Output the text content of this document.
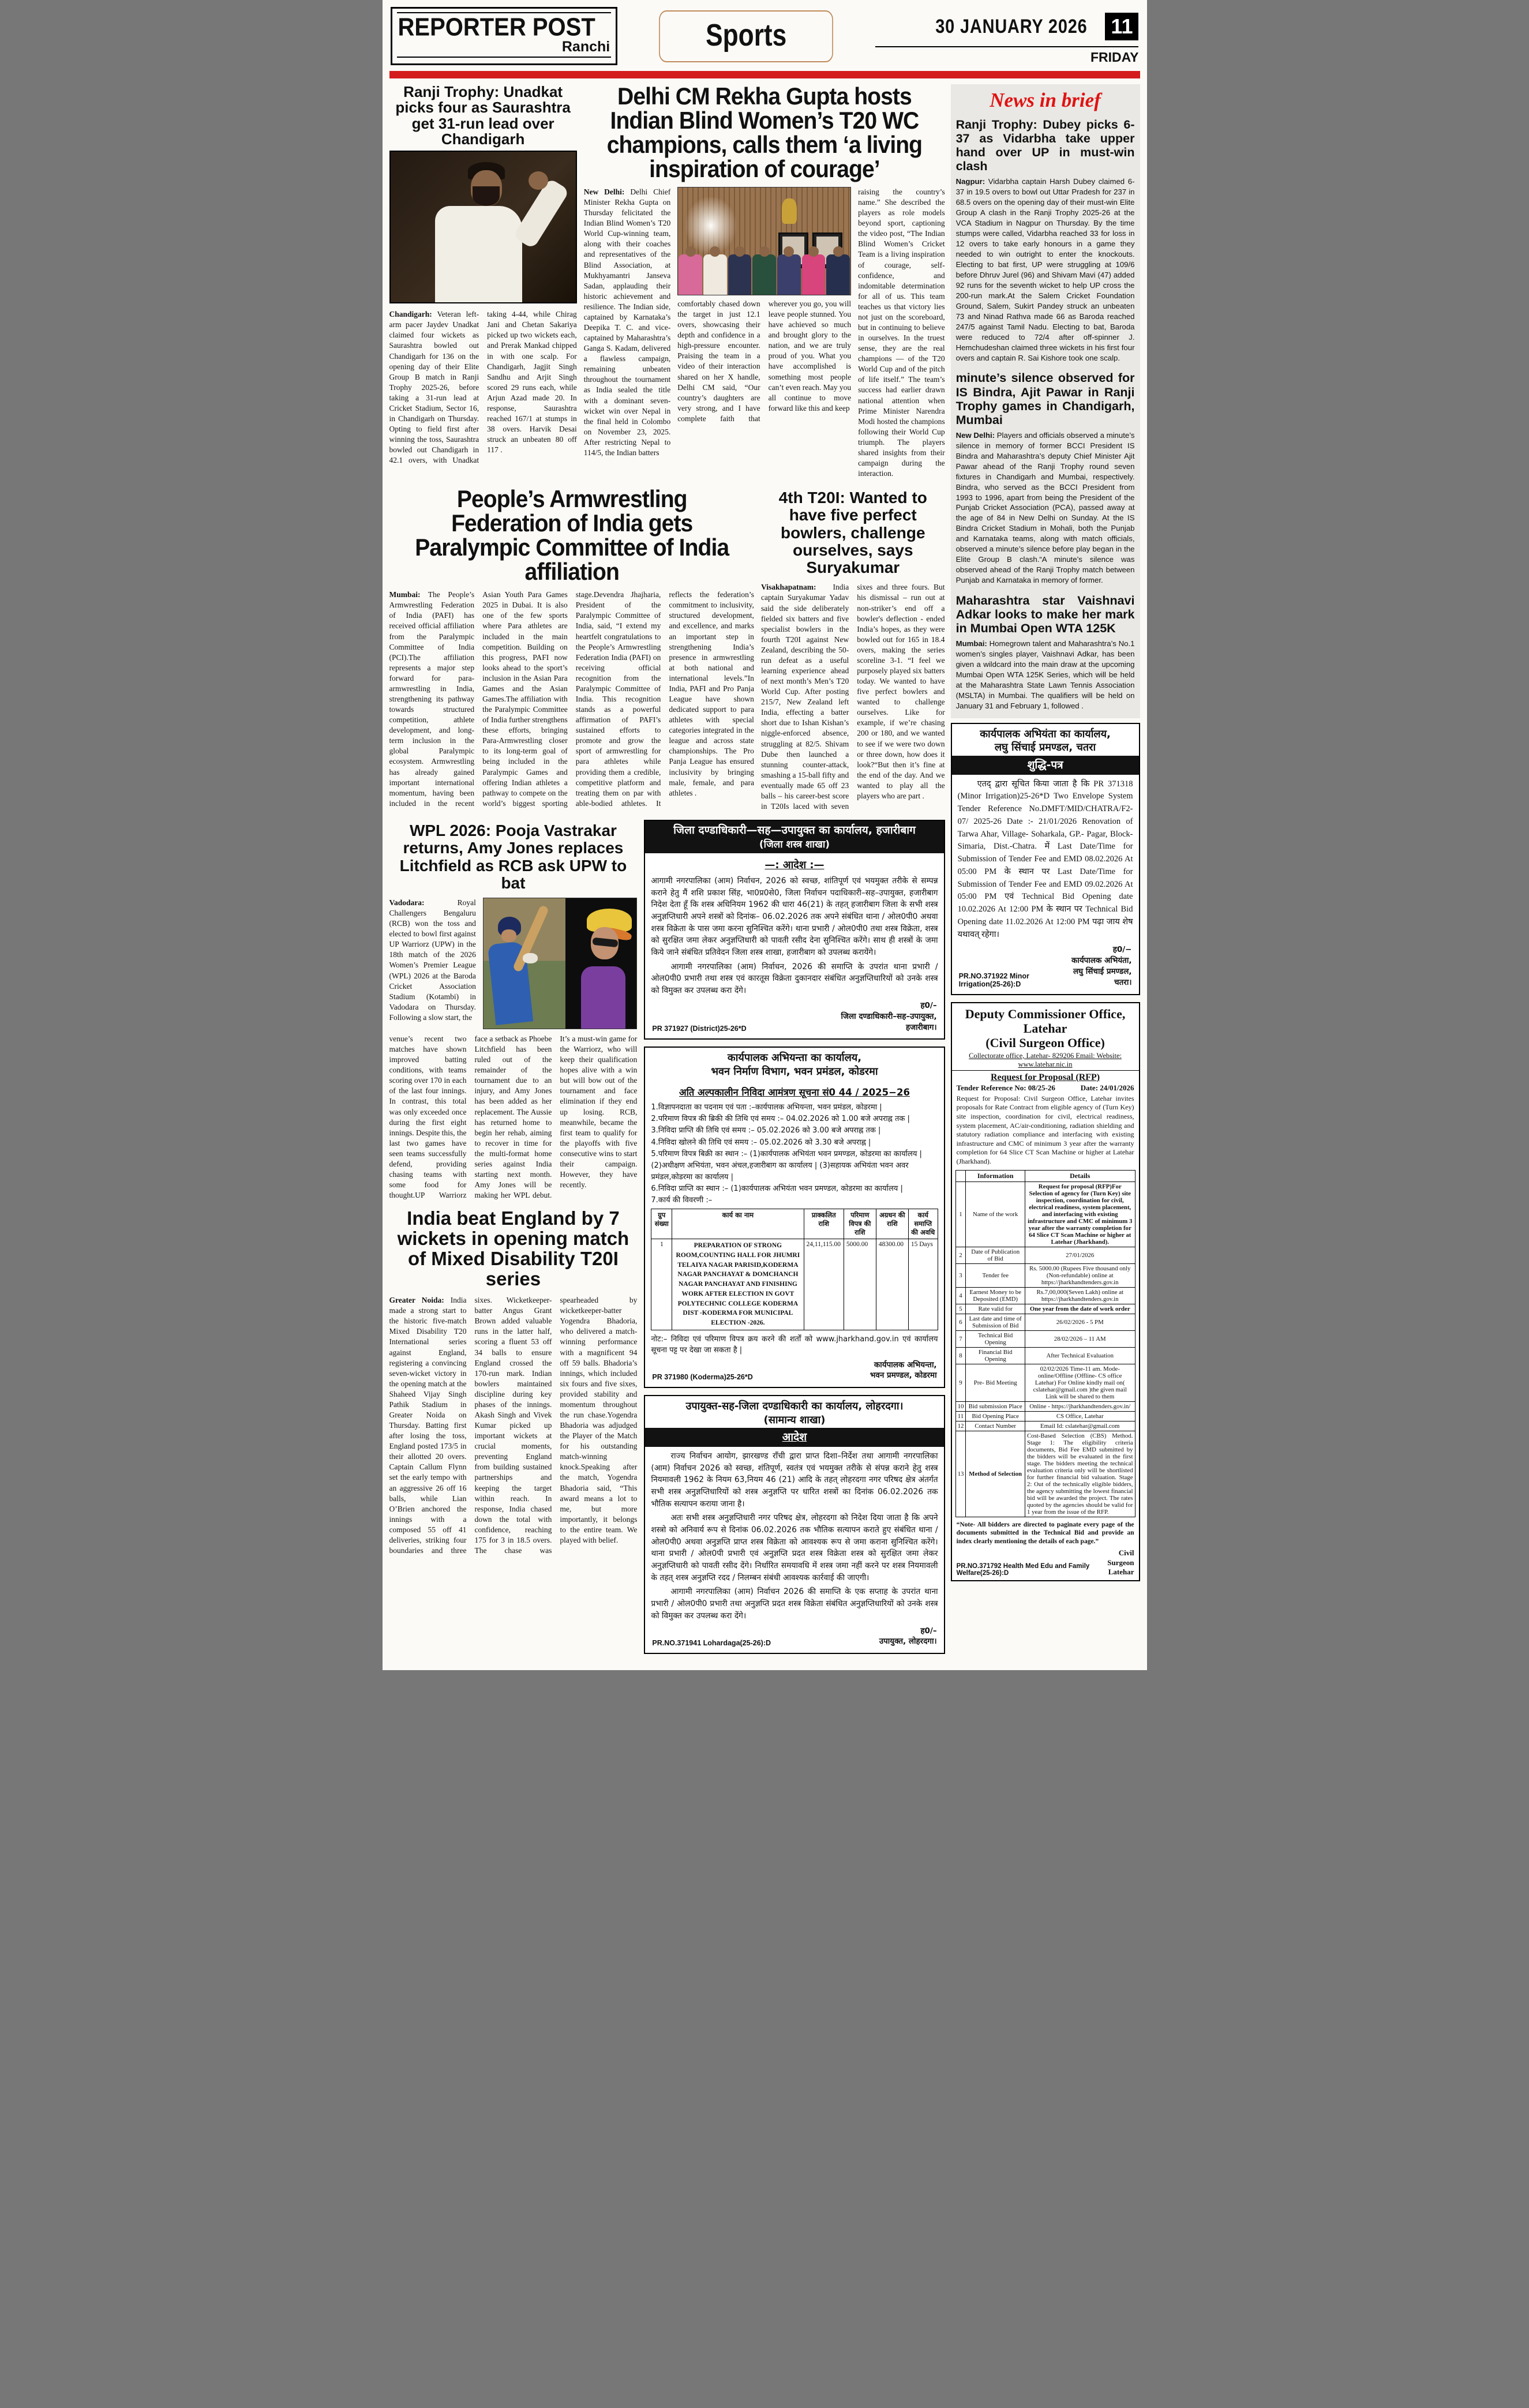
REPORTER POST
Ranchi	Sports	30 JANUARY 2026 11
FRIDAY
Ranji Trophy: Unadkat picks four as Saurashtra get 31-run lead over Chandigarh
Chandigarh: Veteran left-arm pacer Jaydev Unadkat claimed four wickets as Saurashtra bowled out Chandigarh for 136 on the opening day of their Elite Group B match in Ranji Trophy 2025-26, before taking a 31-run lead at Cricket Stadium, Sector 16, in Chandigarh on Thursday. Opting to field first after winning the toss, Saurashtra bowled out Chandigarh in 42.1 overs, with Unadkat taking 4-44, while Chirag Jani and Chetan Sakariya picked up two wickets each, and Prerak Mankad chipped in with one scalp. For Chandigarh, Jagjit Singh Sandhu and Arjit Singh scored 29 runs each, while Arjun Azad made 20. In response, Saurashtra reached 167/1 at stumps in 38 overs. Harvik Desai struck an unbeaten 80 off 117 .
Delhi CM Rekha Gupta hosts Indian Blind Women’s T20 WC champions, calls them ‘a living inspiration of courage’
New Delhi: Delhi Chief Minister Rekha Gupta on Thursday felicitated the Indian Blind Women’s T20 World Cup-winning team, along with their coaches and representatives of the Blind Association, at Mukhyamantri Janseva Sadan, applauding their historic achievement and resilience. The Indian side, captained by Karnataka’s Deepika T. C. and vice-captained by Maharashtra’s Ganga S. Kadam, delivered a flawless campaign, remaining unbeaten throughout the tournament as India sealed the title with a dominant seven-wicket win over Nepal in the final held in Colombo on November 23, 2025. After restricting Nepal to 114/5, the Indian batters
comfortably chased down the target in just 12.1 overs, showcasing their depth and confidence in a high-pressure encounter. Praising the team in a video of their interaction shared on her X handle, Delhi CM said, “Our country’s daughters are very strong, and I have complete faith that wherever you go, you will leave people stunned. You have achieved so much and brought glory to the nation, and we are truly proud of you. What you have accomplished is something most people can’t even reach. May you all continue to move forward like this and keep
raising the country’s name.” She described the players as role models beyond sport, captioning the video post, “The Indian Blind Women’s Cricket Team is a living inspiration of courage, self-confidence, and indomitable determination for all of us. This team teaches us that victory lies not just on the scoreboard, but in continuing to believe in ourselves. In the truest sense, they are the real champions — of the T20 World Cup and of the pitch of life itself.” The team’s success had earlier drawn national attention when Prime Minister Narendra Modi hosted the champions following their World Cup triumph. The players shared insights from their campaign during the interaction.
People’s Armwrestling Federation of India gets Paralympic Committee of India affiliation
Mumbai: The People’s Armwrestling Federation of India (PAFI) has received official affiliation from the Paralympic Committee of India (PCI).The affiliation represents a major step forward for para-armwrestling in India, strengthening its pathway towards structured competition, athlete development, and long-term inclusion in the global Paralympic ecosystem. Armwrestling has already gained important international momentum, having been included in the recent Asian Youth Para Games 2025 in Dubai. It is also one of the few sports where Para athletes are included in the main competition. Building on this progress, PAFI now looks ahead to the sport’s inclusion in the Asian Para Games and the Asian Games.The affiliation with the Paralympic Committee of India further strengthens these efforts, bringing Para-Armwrestling closer to its long-term goal of being included in the Paralympic Games and offering Indian athletes a pathway to compete on the world’s biggest sporting stage.Devendra Jhajharia, President of the Paralympic Committee of India, said, “I extend my heartfelt congratulations to the People’s Armwrestling Federation India (PAFI) on receiving official recognition from the Paralympic Committee of India. This recognition stands as a powerful affirmation of PAFI’s sustained efforts to promote and grow the sport of armwrestling for para athletes while providing them a credible, competitive platform and treating them on par with able-bodied athletes. It reflects the federation’s commitment to inclusivity, structured development, and excellence, and marks an important step in strengthening India’s presence in armwrestling at both national and international levels.”In India, PAFI and Pro Panja League have shown dedicated support to para athletes with special categories integrated in the league and across state championships. The Pro Panja League has ensured inclusivity by bringing male, female, and para athletes .
4th T20I: Wanted to have five perfect bowlers, challenge ourselves, says Suryakumar
Visakhapatnam: India captain Suryakumar Yadav said the side deliberately fielded six batters and five specialist bowlers in the fourth T20I against New Zealand, describing the 50-run defeat as a useful learning experience ahead of next month’s Men’s T20 World Cup. After posting 215/7, New Zealand left India, effecting a batter short due to Ishan Kishan’s niggle-enforced absence, struggling at 82/5. Shivam Dube then launched a stunning counter-attack, smashing a 15-ball fifty and eventually made 65 off 23 balls – his career-best score in T20Is laced with seven sixes and three fours. But his dismissal – run out at non-striker’s end off a bowler's deflection - ended India’s hopes, as they were bowled out for 165 in 18.4 overs, making the series scoreline 3-1. “I feel we purposely played six batters today. We wanted to have five perfect bowlers and wanted to challenge ourselves. Like for example, if we’re chasing 200 or 180, and we wanted to see if we were two down or three down, how does it look?“But then it’s fine at the end of the day. And we wanted to play all the players who are part .
WPL 2026: Pooja Vastrakar returns, Amy Jones replaces Litchfield as RCB ask UPW to bat
Vadodara:	Royal Challengers Bengaluru (RCB) won the toss and elected to bowl first against UP Warriorz (UPW) in the 18th match of the 2026 Women’s Premier League (WPL) 2026 at the Baroda Cricket Association Stadium (Kotambi) in Vadodara on Thursday. Following a slow start, the
venue’s recent two matches have shown improved batting conditions, with teams scoring over 170 in each of the last four innings. In contrast, this total was only exceeded once during the first eight innings. Despite this, the last two games have seen teams successfully defend, providing chasing teams with some food for thought.UP Warriorz face a setback as Phoebe Litchfield has been ruled out of the remainder of the tournament due to an injury, and Amy Jones has been added as her replacement. The Aussie has returned home to begin her rehab, aiming to recover in time for the multi-format home series against India starting next month. Amy Jones will be making her WPL debut. It’s a must-win game for the Warriorz, who will keep their qualification hopes alive with a win but will bow out of the tournament and face elimination if they end up losing. RCB, meanwhile, became the first team to qualify for the playoffs with five consecutive wins to start their campaign. However, they have recently.
India beat England by 7 wickets in opening match of Mixed Disability T20I series
Greater Noida: India made a strong start to the historic five-match Mixed Disability T20 International series against England, registering a convincing seven-wicket victory in the opening match at the Shaheed Vijay Singh Pathik Stadium in Greater Noida on Thursday. Batting first after losing the toss, England posted 173/5 in their allotted 20 overs. Captain Callum Flynn set the early tempo with an aggressive 26 off 16 balls, while Lian O’Brien anchored the innings with a composed 55 off 41 deliveries, striking four boundaries and three sixes. Wicketkeeper-batter Angus Grant Brown added valuable runs in the latter half, scoring a fluent 53 off 34 balls to ensure England crossed the 170-run mark. Indian bowlers maintained discipline during key phases of the innings. Akash Singh and Vivek Kumar picked up important wickets at crucial moments, preventing England from building sustained partnerships and keeping the target within reach. In response, India chased down the total with confidence, reaching 175 for 3 in 18.5 overs. The chase was spearheaded by wicketkeeper-batter Yogendra Bhadoria, who delivered a match-winning performance with a magnificent 94 off 59 balls. Bhadoria’s innings, which included six fours and five sixes, provided stability and momentum throughout the run chase.Yogendra Bhadoria was adjudged the Player of the Match for his outstanding match-winning knock.Speaking after the match, Yogendra Bhadoria said, “This award means a lot to me, but more importantly, it belongs to the entire team. We played with belief.
जिला दण्डाधिकारी—सह—उपायुक्त का कार्यालय, हजारीबाग
(जिला शस्त्र शाखा)
—: आदेश :—

आगामी नगरपालिका (आम) निर्वाचन, 2026 को स्वच्छ, शांतिपूर्ण एवं भयमुक्त तरीके से सम्पन्न कराने हेतु मैं शशि प्रकाश सिंह, भा0प्र0से0, जिला निर्वाचन पदाधिकारी–सह–उपायुक्त, हजारीबाग निदेश देता हूँ कि शस्त्र अधिनियम 1962 की धारा 46(21) के तहत् हजारीबाग जिला के सभी शस्त्र अनुज्ञप्तिधारी अपने शस्त्रों को दिनांक– 06.02.2026 तक अपने संबंधित थाना / ओल0पी0 अथवा शस्त्र विक्रेता के पास जमा करना सुनिश्चित करेंगे। थाना प्रभारी / ओल0पी0 तथा शस्त्र विक्रेता, शस्त्र को सुरक्षित जमा लेकर अनुज्ञप्तिधारी को पावती रसीद देना सुनिश्चित करेंगे। साथ ही शस्त्रों के जमा किये जाने संबंधित प्रतिवेदन जिला शस्त्र शाखा, हजारीबाग को उपलब्ध करायेंगे।

आगामी नगरपालिका (आम) निर्वाचन, 2026 की समाप्ति के उपरांत थाना प्रभारी / ओल0पी0 प्रभारी तथा शस्त्र एवं कारतूस विक्रेता दुकानदार संबंधित अनुज्ञप्तिधारियों को उनके शस्त्र को विमुक्त कर उपलब्ध करा देंगे।

PR 371927 (District)25-26*D
ह0/–
जिला दण्डाधिकारी–सह–उपायुक्त,
हजारीबाग।
कार्यपालक अभियन्ता का कार्यालय,
भवन निर्माण विभाग, भवन प्रमंडल, कोडरमा
अति अल्पकालीन निविदा आमंत्रण सूचना सं0 44 / 2025−26
1.विज्ञापनदाता का पदनाम एवं पता :–कार्यपालक अभियन्ता, भवन प्रमंडल, कोडरमा |
2.परिमाण विपत्र की ब्रिकी की तिथि एवं समय :– 04.02.2026 को 1.00 बजे अपराह्न तक |
3.निविदा प्राप्ति की तिथि एवं समय :– 05.02.2026 को 3.00 बजे अपराह्न तक |
4.निविदा खोलने की तिथि एवं समय :– 05.02.2026 को 3.30 बजे अपराह्न |
5.परिमाण विपत्र बिक्री का स्थान :– (1)कार्यपालक अभियंता भवन प्रमण्डल, कोडरमा का कार्यालय | (2)अधीक्षण अभियंता, भवन अंचल,हजारीबाग का कार्यालय | (3)सहायक अभियंता भवन अवर प्रमंडल,कोडरमा का कार्यालय |
6.निविदा प्राप्ति का स्थान :– (1)कार्यपालक अभियंता भवन प्रमण्डल, कोडरमा का कार्यालय |
7.कार्य की विवरणी :–
ग्रुप संख्या	कार्य का नाम	प्राक्कलित राशि	परिमाण विपत्र की राशि	अग्रधन की राशि	कार्य समाप्ति की अवधि
1	PREPARATION OF STRONG ROOM,COUNTING HALL FOR JHUMRI TELAIYA NAGAR PARISID,KODERMA NAGAR PANCHAYAT & DOMCHANCH NAGAR PANCHAYAT AND FINISHING WORK AFTER ELECTION IN GOVT POLYTECHNIC COLLEGE KODERMA DIST -KODERMA FOR MUNICIPAL ELECTION -2026.	24,11,115.00	5000.00	48300.00	15 Days

नोट:– निविदा एवं परिमाण विपत्र क्रय करने की शर्तों को www.jharkhand.gov.in एवं कार्यालय सूचना पट्ट पर देखा जा सकता है |

PR 371980 (Koderma)25-26*D
कार्यपालक अभियन्ता,
भवन प्रमण्डल, कोडरमा
उपायुक्त-सह-जिला दण्डाधिकारी का कार्यालय, लोहरदगा।
(सामान्य शाखा)
आदेश

राज्य निर्वाचन आयोग, झारखण्ड राँची द्वारा प्राप्त दिशा–निर्देश तथा आगामी नगरपालिका (आम) निर्वाचन 2026 को स्वच्छ, शंतिपूर्ण, स्वतंत्र एवं भयमुक्त तरीके से संपन्न कराने हेतु शस्त्र नियमावली 1962 के नियम 63,नियम 46 (21) आदि के तहत् लोहरदगा नगर परिषद क्षेत्र अंतर्गत सभी शस्त्र अनुज्ञप्तिधारियों को शस्त्र अनुज्ञप्ति पर धारित शस्त्रों का दिनांक 06.02.2026 तक भौतिक सत्यापन कराया जाना है।

अतः सभी शस्त्र अनुज्ञप्तिधारी नगर परिषद क्षेत्र, लोहरदगा को निदेश दिया जाता है कि अपने शस्त्रो को अनिवार्य रूप से दिनांक 06.02.2026 तक भौतिक सत्यापन कराते हुए संबंधित थाना / ओल0पी0 अथवा अनुज्ञप्ति प्राप्त शस्त्र विक्रेता को आवश्यक रूप से जमा कराना सुनिश्चित करेंगे। थाना प्रभारी / ओल0पी प्रभारी एवं अनुज्ञप्ति प्रदत शस्त्र विक्रेता शस्त्र को सुरक्षित जमा लेकर अनुज्ञप्तिधारी को पावती रसीद देंगे। निर्धारित समयावधि में शस्त्र जमा नहीं करने पर शस्त्र नियमावली के तहत् शस्त्र अनुज्ञप्ति रदद / निलम्बन संबंधी आवश्यक कार्रवाई की जाएगी।

आगामी नगरपालिका (आम) निर्वाचन 2026 की समाप्ति के एक सप्ताह के उपरांत थाना प्रभारी / ओल0पी0 प्रभारी तथा अनुज्ञप्ति प्रदत शस्त्र विक्रेता संबंधित अनुज्ञप्तिधारियों को उनके शस्त्र को विमुक्त कर उपलब्ध करा देंगे।

PR.NO.371941 Lohardaga(25-26):D
ह0/–
उपायुक्त, लोहरदगा।
News in brief
Ranji Trophy: Dubey picks 6-37 as Vidarbha take upper hand over UP in must-win clash
Nagpur: Vidarbha captain Harsh Dubey claimed 6-37 in 19.5 overs to bowl out Uttar Pradesh for 237 in 68.5 overs on the opening day of their must-win Elite Group A clash in the Ranji Trophy 2025-26 at the VCA Stadium in Nagpur on Thursday. By the time stumps were called, Vidarbha reached 33 for loss in 12 overs to take early honours in a game they needed to win outright to enter the knockouts. Electing to bat first, UP were struggling at 109/6 before Dhruv Jurel (96) and Shivam Mavi (47) added 92 runs for the seventh wicket to help UP cross the 200-run mark.At the Salem Cricket Foundation Ground, Salem, Sukirt Pandey struck an unbeaten 73 and Ninad Rathva made 66 as Baroda reached 247/5 against Tamil Nadu. Electing to bat, Baroda were reduced to 72/4 after off-spinner J. Hemchudeshan claimed three wickets in his first four overs and captain R. Sai Kishore took one scalp.
minute’s silence observed for IS Bindra, Ajit Pawar in Ranji Trophy games in Chandigarh, Mumbai
New Delhi: Players and officials observed a minute’s silence in memory of former BCCI President IS Bindra and Maharashtra’s deputy Chief Minister Ajit Pawar ahead of the Ranji Trophy round seven fixtures in Chandigarh and Mumbai, respectively. Bindra, who served as the BCCI President from 1993 to 1996, apart from being the President of the Punjab Cricket Association (PCA), passed away at the age of 84 in New Delhi on Sunday. At the IS Bindra Cricket Stadium in Mohali, both the Punjab and Karnataka teams, along with match officials, observed a minute’s silence before play began in the Elite Group B clash.“A minute’s silence was observed ahead of the Ranji Trophy match between Punjab and Karnataka in memory of former.
Maharashtra star Vaishnavi Adkar looks to make her mark in Mumbai Open WTA 125K
Mumbai: Homegrown talent and Maharashtra’s No.1 women’s singles player, Vaishnavi Adkar, has been given a wildcard into the main draw at the upcoming Mumbai Open WTA 125K Series, which will be held at the Maharashtra State Lawn Tennis Association (MSLTA) in Mumbai. The qualifiers will be held on January 31 and February 1, followed .
कार्यपालक अभियंता का कार्यालय,
लघु सिंचाई प्रमण्डल, चतरा
शुद्धि-पत्र

एतद् द्वारा सूचित किया जाता है कि PR 371318 (Minor Irrigation)25-26*D Two Envelope System Tender Reference No.DMFT/MID/CHATRA/F2-07/ 2025-26 Date :- 21/01/2026 Renovation of Tarwa Ahar, Village- Soharkala, GP.- Pagar, Block-Simaria, Dist.-Chatra. में Last Date/Time for Submission of Tender Fee and EMD 08.02.2026 At 05:00 PM के स्थान पर Last Date/Time for Submission of Tender Fee and EMD 09.02.2026 At 05:00 PM एवं Technical Bid Opening date 10.02.2026 At 12:00 PM के स्थान पर Technical Bid Opening date 11.02.2026 At 12:00 PM पढ़ा जाय शेष यथावत् रहेगा।

PR.NO.371922 Minor Irrigation(25-26):D
ह0/−
कार्यपालक अभियंता,
लघु सिंचाई प्रमण्डल, चतरा।
Deputy Commissioner Office, Latehar
(Civil Surgeon Office)
Collectorate office, Latehar- 829206 Email: Website: www.latehar.nic.in
Request for Proposal (RFP)
Tender Reference No: 08/25-26	Date: 24/01/2026

Request for Proposal: Civil Surgeon Office, Latehar invites proposals for Rate Contract from eligible agency of (Turn Key) site inspection, coordination for civil, electrical readiness, system placement, AC/air-conditioning, radiation shielding and statutory radiation compliance and interfacing with existing infrastructure and CMC of minimum 3 year after the warranty completion for 64 Slice CT Scan Machine or higher at Latehar (Jharkhand).

	Information	Details
1	Name of the work	Request for proposal (RFP)For Selection of agency for (Turn Key) site inspection, coordination for civil, electrical readiness, system placement, and interfacing with existing infrastructure and CMC of minimum 3 year after the warranty completion for 64 Slice CT Scan Machine or higher at Latehar (Jharkhand).
2	Date of Publication of Bid	27/01/2026
3	Tender fee	Rs. 5000.00 (Rupees Five thousand only (Non-refundable) online at https://jharkhandtenders.gov.in
4	Earnest Money to be Deposited (EMD)	Rs.7,00,000(Seven Lakh) online at https://jharkhandtenders.gov.in
5	Rate valid for	One year from the date of work order
6	Last date and time of Submission of Bid	26/02/2026 - 5 PM
7	Technical Bid Opening	28/02/2026 – 11 AM
8	Financial Bid Opening	After Technical Evaluation
9	Pre- Bid Meeting	02/02/2026 Time-11 am. Mode-online/Offline (Offline- CS office Latehar) For Online kindly mail on( cslatehar@gmail.com )the given mail Link will be shared to them
10	Bid submission Place	Online - https://jharkhandtenders.gov.in/
11	Bid Opening Place	CS Office, Latehar
12	Contact Number	Email Id: cslatehar@gmail.com
13	Method of Selection	Cost-Based Selection (CBS) Method. Stage 1: The eligibility criteria documents, Bid Fee EMD submitted by the bidders will be evaluated in the first stage. The bidders meeting the technical evaluation criteria only will be shortlisted for further financial bid valuation. Stage 2: Out of the technically eligible bidders, the agency submitting the lowest financial bid will be awarded the project. The rates quoted by the agencies should be valid for 1 year from the issue of the RFP.

“Note- All bidders are directed to paginate every page of the documents submitted in the Technical Bid and provide an index clearly mentioning the details of each page.”

PR.NO.371792 Health Med Edu and Family Welfare(25-26):D
Civil Surgeon
Latehar
